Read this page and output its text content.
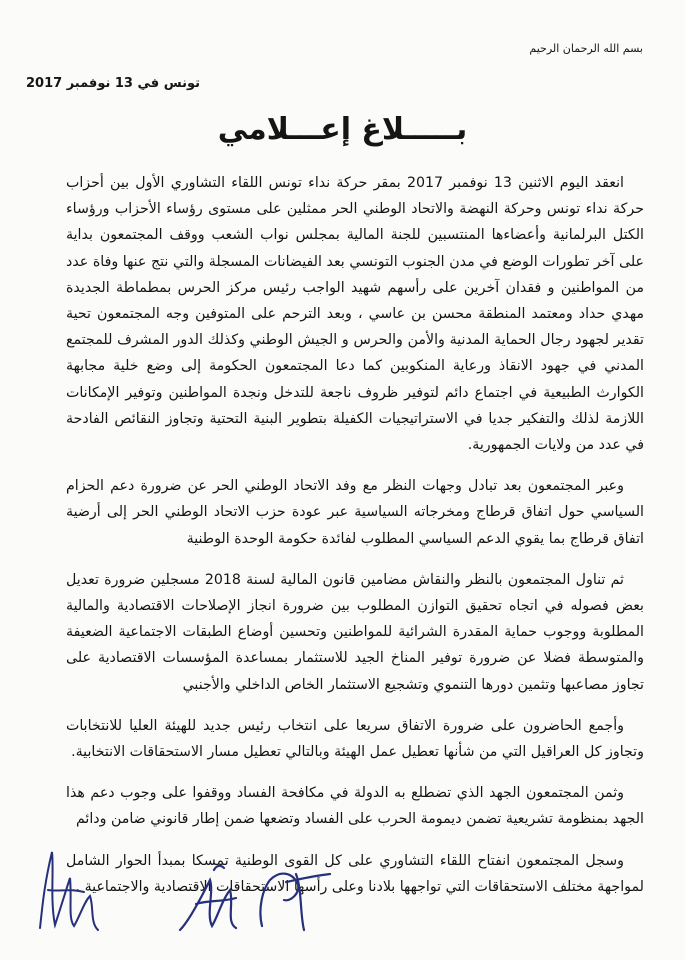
بسم الله الرحمان الرحيم
تونس في 13 نوفمبر 2017
بـــــلاغ إعـــلامي

انعقد اليوم الاثنين 13 نوفمبر 2017 بمقر حركة نداء تونس اللقاء التشاوري الأول بين أحزاب حركة نداء تونس وحركة النهضة والاتحاد الوطني الحر ممثلين على مستوى رؤساء الأحزاب ورؤساء الكتل البرلمانية وأعضاءها المنتسبين للجنة المالية بمجلس نواب الشعب ووقف المجتمعون بداية على آخر تطورات الوضع في مدن الجنوب التونسي بعد الفيضانات المسجلة والتي نتج عنها وفاة عدد من المواطنين و فقدان آخرين على رأسهم شهيد الواجب رئيس مركز الحرس بمطماطة الجديدة مهدي حداد ومعتمد المنطقة محسن بن عاسي ، وبعد الترحم على المتوفين وجه المجتمعون تحية تقدير لجهود رجال الحماية المدنية والأمن والحرس و الجيش الوطني وكذلك الدور المشرف للمجتمع المدني في جهود الانقاذ ورعاية المنكوبين كما دعا المجتمعون الحكومة إلى وضع خلية مجابهة الكوارث الطبيعية في اجتماع دائم لتوفير ظروف ناجعة للتدخل ونجدة المواطنين وتوفير الإمكانات اللازمة لذلك والتفكير جديا في الاستراتيجيات الكفيلة بتطوير البنية التحتية وتجاوز النقائص الفادحة في عدد من ولايات الجمهورية.

وعبر المجتمعون بعد تبادل وجهات النظر مع وفد الاتحاد الوطني الحر عن ضرورة دعم الحزام السياسي حول اتفاق قرطاج ومخرجاته السياسية عبر عودة حزب الاتحاد الوطني الحر إلى أرضية اتفاق قرطاج بما يقوي الدعم السياسي المطلوب لفائدة حكومة الوحدة الوطنية

ثم تناول المجتمعون بالنظر والنقاش مضامين قانون المالية لسنة 2018 مسجلين ضرورة تعديل بعض فصوله في اتجاه تحقيق التوازن المطلوب بين ضرورة انجاز الإصلاحات الاقتصادية والمالية المطلوبة ووجوب حماية المقدرة الشرائية للمواطنين وتحسين أوضاع الطبقات الاجتماعية الضعيفة والمتوسطة فضلا عن ضرورة توفير المناخ الجيد للاستثمار بمساعدة المؤسسات الاقتصادية على تجاوز مصاعبها وتثمين دورها التنموي وتشجيع الاستثمار الخاص الداخلي والأجنبي

وأجمع الحاضرون على ضرورة الاتفاق سريعا على انتخاب رئيس جديد للهيئة العليا للانتخابات وتجاوز كل العراقيل التي من شأنها تعطيل عمل الهيئة وبالتالي تعطيل مسار الاستحقاقات الانتخابية.

وثمن المجتمعون الجهد الذي تضطلع به الدولة في مكافحة الفساد ووقفوا على وجوب دعم هذا الجهد بمنظومة تشريعية تضمن ديمومة الحرب على الفساد وتضعها ضمن إطار قانوني ضامن ودائم

وسجل المجتمعون انفتاح اللقاء التشاوري على كل القوى الوطنية تمسكا بمبدأ الحوار الشامل لمواجهة مختلف الاستحقاقات التي تواجهها بلادنا وعلى رأسها الاستحقاقات الاقتصادية والاجتماعية .
